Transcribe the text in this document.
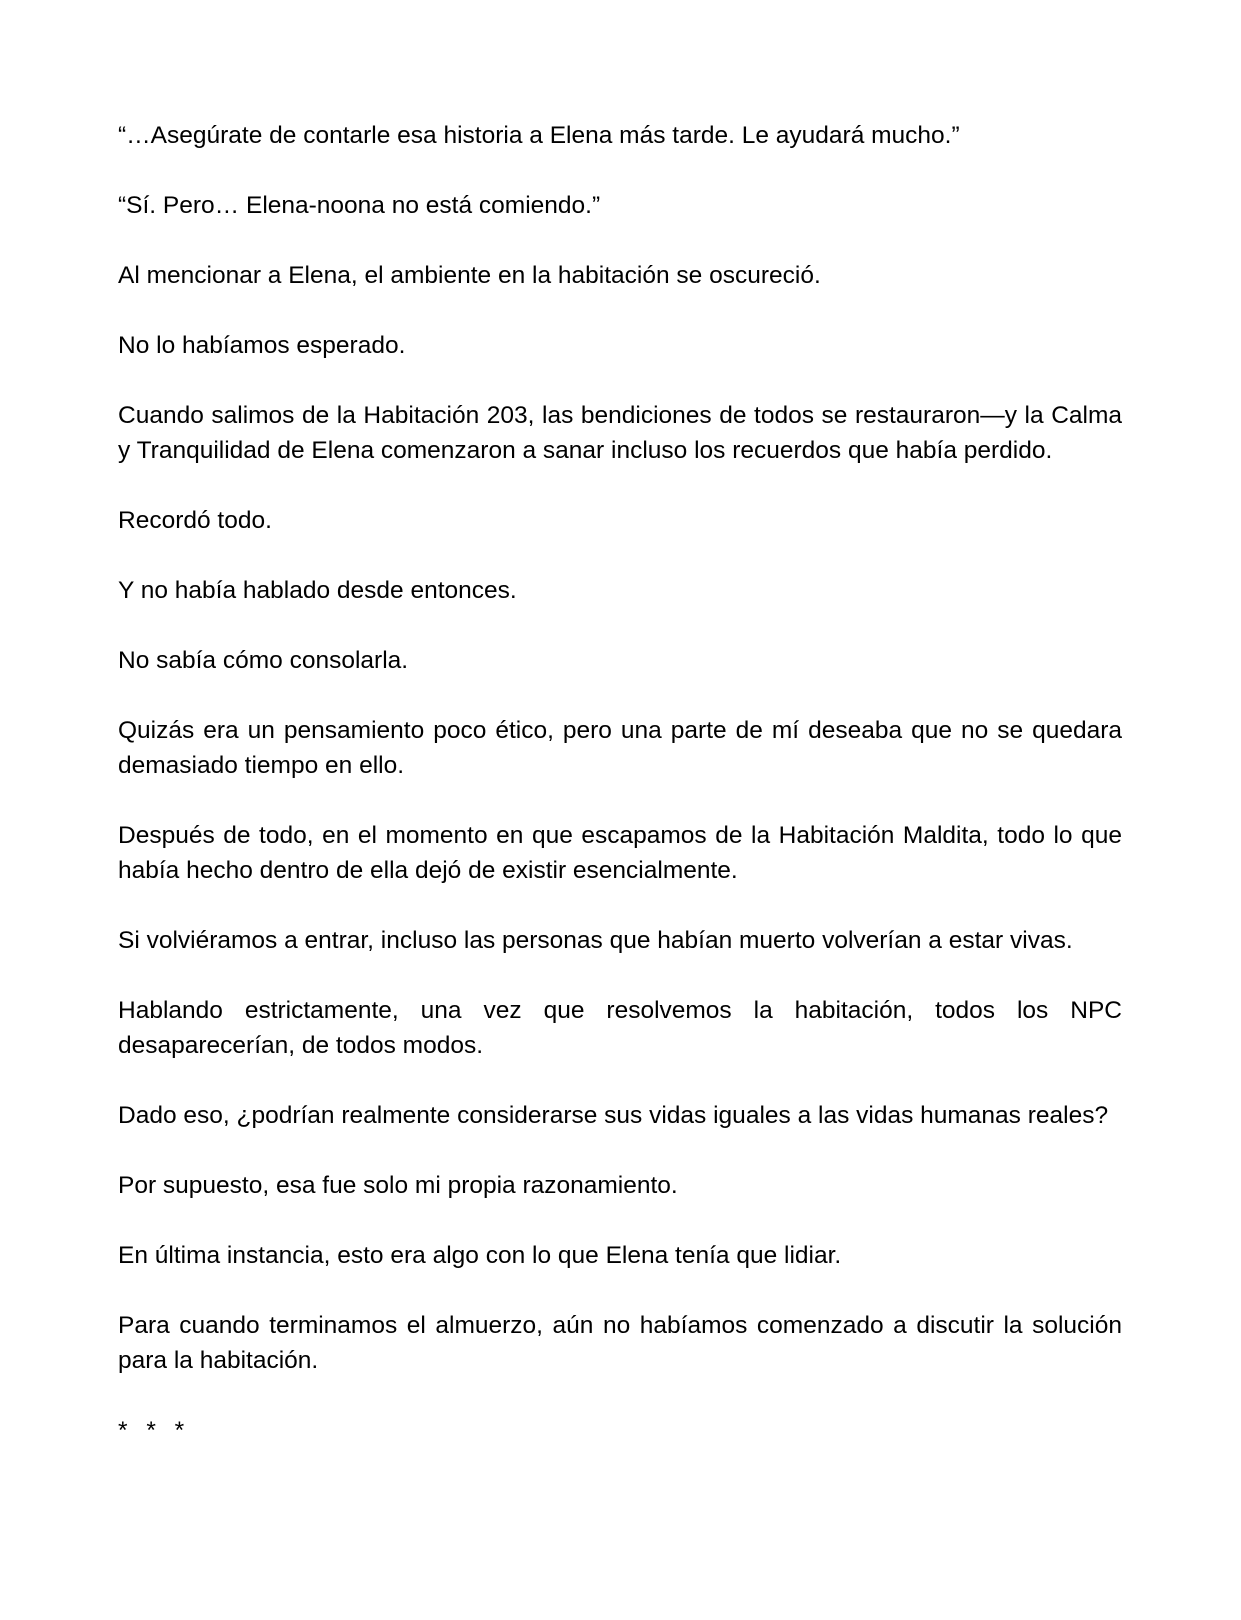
“…Asegúrate de contarle esa historia a Elena más tarde. Le ayudará mucho.”

“Sí. Pero… Elena-noona no está comiendo.”

Al mencionar a Elena, el ambiente en la habitación se oscureció.

No lo habíamos esperado.

Cuando salimos de la Habitación 203, las bendiciones de todos se restauraron—y la Calma y Tranquilidad de Elena comenzaron a sanar incluso los recuerdos que había perdido.

Recordó todo.

Y no había hablado desde entonces.

No sabía cómo consolarla.

Quizás era un pensamiento poco ético, pero una parte de mí deseaba que no se quedara demasiado tiempo en ello.

Después de todo, en el momento en que escapamos de la Habitación Maldita, todo lo que había hecho dentro de ella dejó de existir esencialmente.

Si volviéramos a entrar, incluso las personas que habían muerto volverían a estar vivas.

Hablando estrictamente, una vez que resolvemos la habitación, todos los NPC desaparecerían, de todos modos.

Dado eso, ¿podrían realmente considerarse sus vidas iguales a las vidas humanas reales?

Por supuesto, esa fue solo mi propia razonamiento.

En última instancia, esto era algo con lo que Elena tenía que lidiar.

Para cuando terminamos el almuerzo, aún no habíamos comenzado a discutir la solución para la habitación.

* * *
